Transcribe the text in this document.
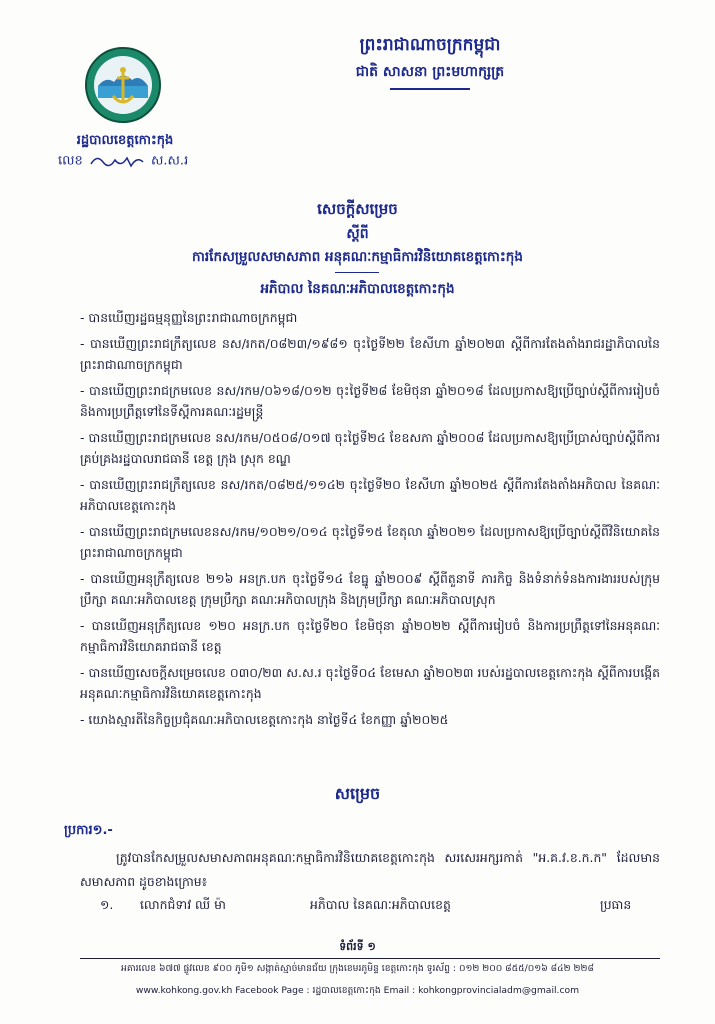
ព្រះរាជាណាចក្រកម្ពុជា
ជាតិ សាសនា ព្រះមហាក្សត្រ
រដ្ឋបាលខេត្តកោះកុង
លេខ	ស.ស.រ
សេចក្តីសម្រេច
ស្តីពី
ការកែសម្រួលសមាសភាព អនុគណៈកម្មាធិការវិនិយោគខេត្តកោះកុង
អភិបាល នៃគណៈអភិបាលខេត្តកោះកុង
- បានឃើញរដ្ឋធម្មនុញ្ញនៃព្រះរាជាណាចក្រកម្ពុជា
- បានឃើញព្រះរាជក្រឹត្យលេខ នស/រកត/០៨២៣/១៩៨១ ចុះថ្ងៃទី២២ ខែសីហា ឆ្នាំ២០២៣ ស្តីពីការតែងតាំងរាជរដ្ឋាភិបាលនៃព្រះរាជាណាចក្រកម្ពុជា
- បានឃើញព្រះរាជក្រមលេខ នស/រកម/០៦១៨/០១២ ចុះថ្ងៃទី២៨ ខែមិថុនា ឆ្នាំ២០១៨ ដែលប្រកាសឱ្យប្រើច្បាប់ស្តីពីការរៀបចំ និងការប្រព្រឹត្តទៅនៃទីស្តីការគណៈរដ្ឋមន្ត្រី
- បានឃើញព្រះរាជក្រមលេខ នស/រកម/០៥០៨/០១៧ ចុះថ្ងៃទី២៤ ខែឧសភា ឆ្នាំ២០០៨ ដែលប្រកាសឱ្យប្រើប្រាស់ច្បាប់ស្តីពីការគ្រប់គ្រងរដ្ឋបាលរាជធានី ខេត្ត ក្រុង ស្រុក ខណ្ឌ
- បានឃើញព្រះរាជក្រឹត្យលេខ នស/រកត/០៨២៥/១១៤២ ចុះថ្ងៃទី២០ ខែសីហា ឆ្នាំ២០២៥ ស្តីពីការតែងតាំងអភិបាល នៃគណៈអភិបាលខេត្តកោះកុង
- បានឃើញព្រះរាជក្រមលេខនស/រកម/១០២១/០១៤ ចុះថ្ងៃទី១៥ ខែតុលា ឆ្នាំ២០២១ ដែលប្រកាសឱ្យប្រើច្បាប់ស្តីពីវិនិយោគនៃព្រះរាជាណាចក្រកម្ពុជា
- បានឃើញអនុក្រឹត្យលេខ ២១៦ អនក្រ.បក ចុះថ្ងៃទី១៤ ខែធ្នូ ឆ្នាំ២០០៩ ស្តីពីតួនាទី ភារកិច្ច និងទំនាក់ទំនងការងាររបស់ក្រុមប្រឹក្សា គណៈអភិបាលខេត្ត ក្រុមប្រឹក្សា គណៈអភិបាលក្រុង និងក្រុមប្រឹក្សា គណៈអភិបាលស្រុក
- បានឃើញអនុក្រឹត្យលេខ ១២០ អនក្រ.បក ចុះថ្ងៃទី២០ ខែមិថុនា ឆ្នាំ២០២២ ស្តីពីការរៀបចំ និងការប្រព្រឹត្តទៅនៃអនុគណៈកម្មាធិការវិនិយោគរាជធានី ខេត្ត
- បានឃើញសេចក្តីសម្រេចលេខ ០៣០/២៣ ស.ស.រ ចុះថ្ងៃទី០៤ ខែមេសា ឆ្នាំ២០២៣ របស់រដ្ឋបាលខេត្តកោះកុង ស្តីពីការបង្កើតអនុគណៈកម្មាធិការវិនិយោគខេត្តកោះកុង
- យោងស្មារតីនៃកិច្ចប្រជុំគណៈអភិបាលខេត្តកោះកុង នាថ្ងៃទី៤ ខែកញ្ញា ឆ្នាំ២០២៥
សម្រេច
ប្រការ១.-
ត្រូវបានកែសម្រួលសមាសភាពអនុគណៈកម្មាធិការវិនិយោគខេត្តកោះកុង សរសេរអក្សរកាត់ "អ.គ.វ.ខ.ក.ក" ដែលមានសមាសភាព ដូចខាងក្រោម៖
១. លោកជំទាវ ឈី ម៉ា	អភិបាល នៃគណៈអភិបាលខេត្ត	ប្រធាន
ទំព័រទី ១
អគារលេខ ៦៧៧ ផ្លូវលេខ ៩០០ ភូមិ១ សង្កាត់ស្មាច់មានជ័យ ក្រុងខេមរភូមិន្ទ ខេត្តកោះកុង ទូរស័ព្ទ : ០១២ ២០០ ៨៥៥/០១៦ ៨៤២ ២២៨
www.kohkong.gov.kh Facebook Page : រដ្ឋបាលខេត្តកោះកុង Email : kohkongprovincialadm@gmail.com
